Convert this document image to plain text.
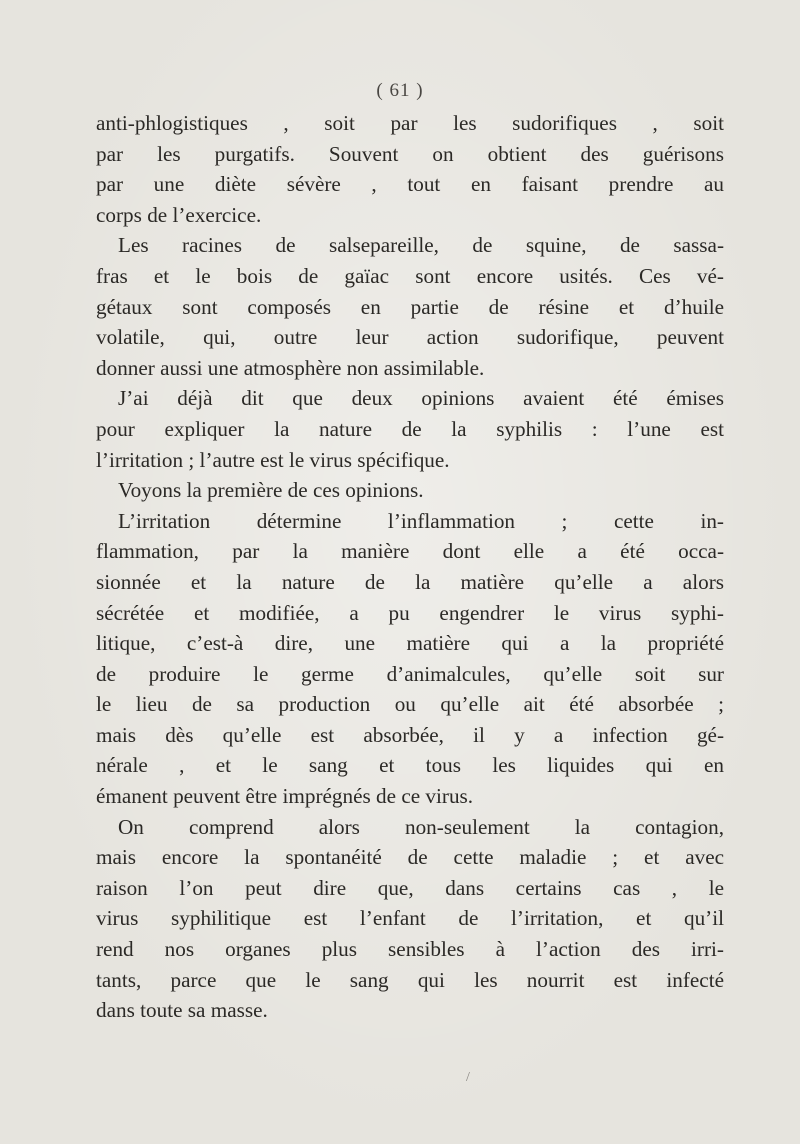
( 61 )
anti-phlogistiques , soit par les sudorifiques , soit
par les purgatifs. Souvent on obtient des guérisons
par une diète sévère , tout en faisant prendre au
corps de l’exercice.
Les racines de salsepareille, de squine, de sassa-
fras et le bois de gaïac sont encore usités. Ces vé-
gétaux sont composés en partie de résine et d’huile
volatile, qui, outre leur action sudorifique, peuvent
donner aussi une atmosphère non assimilable.
J’ai déjà dit que deux opinions avaient été émises
pour expliquer la nature de la syphilis : l’une est
l’irritation ; l’autre est le virus spécifique.
Voyons la première de ces opinions.
L’irritation détermine l’inflammation ; cette in-
flammation, par la manière dont elle a été occa-
sionnée et la nature de la matière qu’elle a alors
sécrétée et modifiée, a pu engendrer le virus syphi-
litique, c’est-à dire, une matière qui a la propriété
de produire le germe d’animalcules, qu’elle soit sur
le lieu de sa production ou qu’elle ait été absorbée ;
mais dès qu’elle est absorbée, il y a infection gé-
nérale , et le sang et tous les liquides qui en
émanent peuvent être imprégnés de ce virus.
On comprend alors non-seulement la contagion,
mais encore la spontanéité de cette maladie ; et avec
raison l’on peut dire que, dans certains cas , le
virus syphilitique est l’enfant de l’irritation, et qu’il
rend nos organes plus sensibles à l’action des irri-
tants, parce que le sang qui les nourrit est infecté
dans toute sa masse.
/
